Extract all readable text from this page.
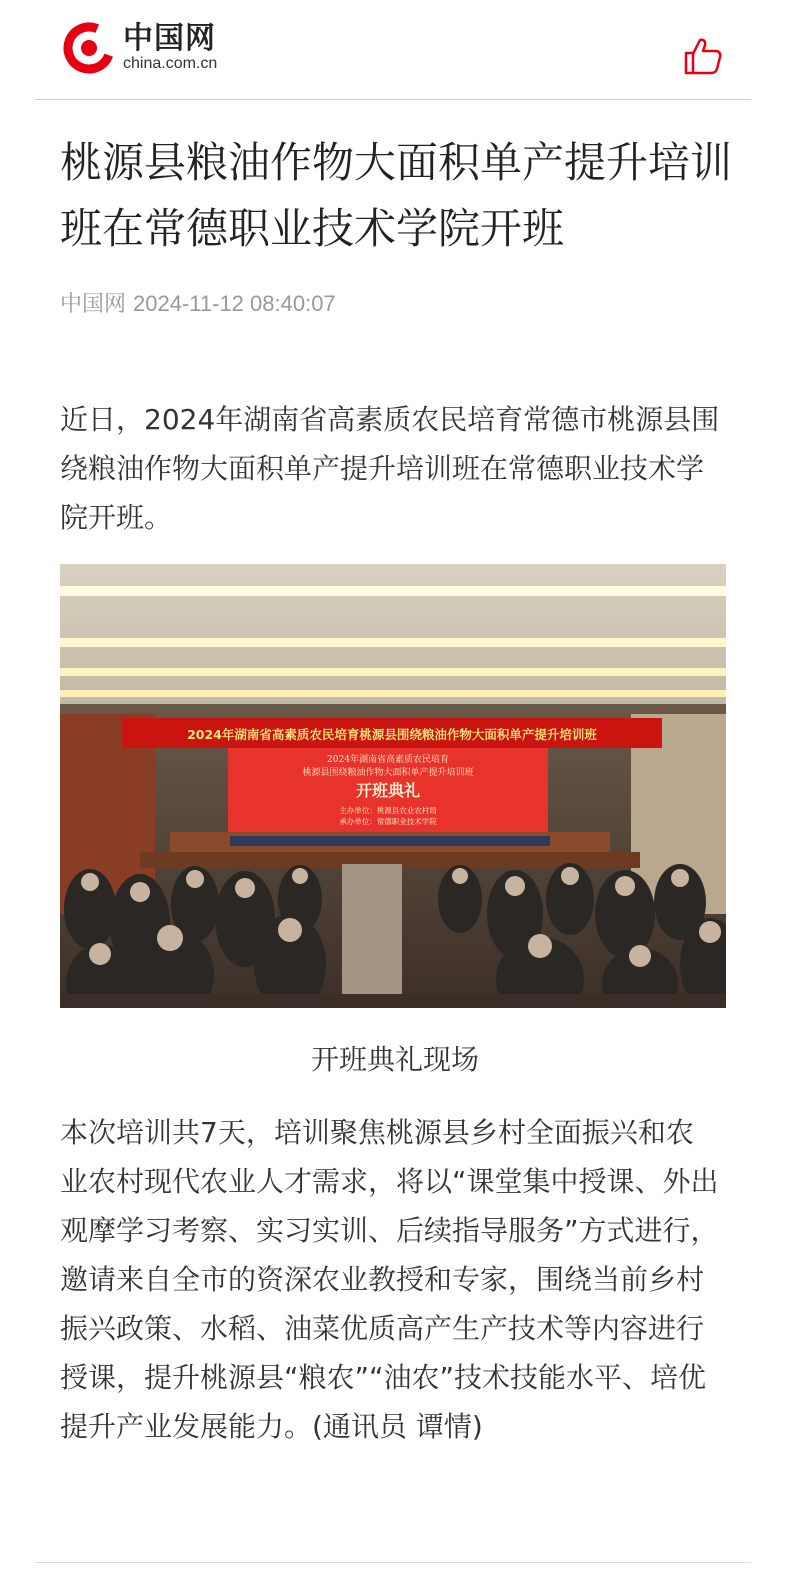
中国网
china.com.cn
桃源县粮油作物大面积单产提升培训班在常德职业技术学院开班
中国网 2024-11-12 08:40:07

近日，2024年湖南省高素质农民培育常德市桃源县围绕粮油作物大面积单产提升培训班在常德职业技术学院开班。

2024年湖南省高素质农民培育桃源县围绕粮油作物大面积单产提升培训班
2024年湖南省高素质农民培育
桃源县围绕粮油作物大面积单产提升培训班
开班典礼
主办单位：桃源县农业农村局
承办单位：常德职业技术学院
开班典礼现场

本次培训共7天，培训聚焦桃源县乡村全面振兴和农业农村现代农业人才需求，将以“课堂集中授课、外出观摩学习考察、实习实训、后续指导服务”方式进行，邀请来自全市的资深农业教授和专家，围绕当前乡村振兴政策、水稻、油菜优质高产生产技术等内容进行授课，提升桃源县“粮农”“油农”技术技能水平、培优提升产业发展能力。(通讯员 谭情)
